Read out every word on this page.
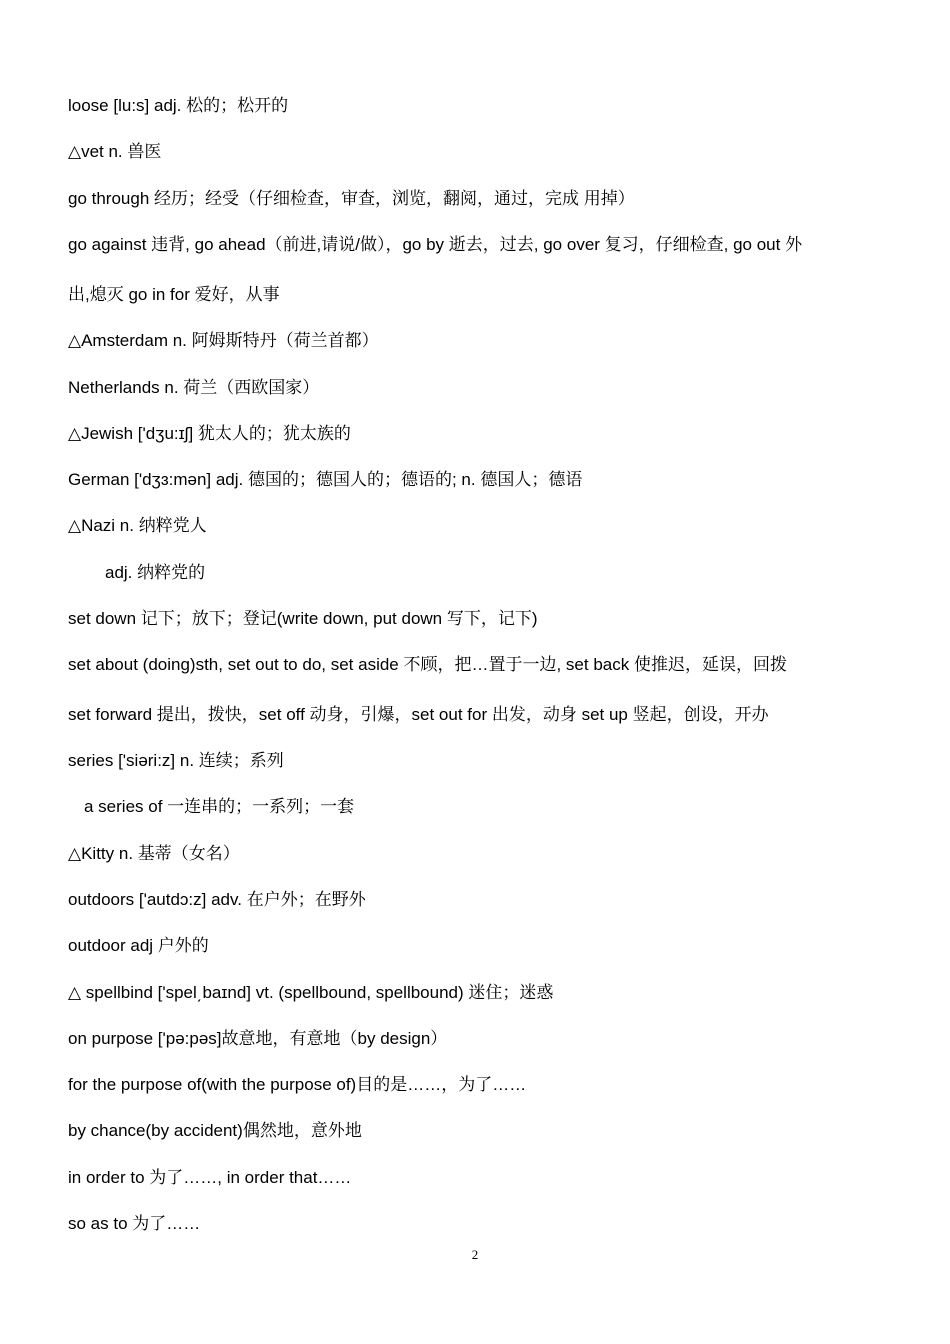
loose [lu:s] adj. 松的；松开的
△vet n. 兽医
go through 经历；经受（仔细检查，审查，浏览，翻阅，通过，完成 用掉）
go against 违背, go ahead（前进,请说/做），go by 逝去，过去, go over 复习，仔细检查, go out 外
出,熄灭 go in for 爱好，从事
△Amsterdam n. 阿姆斯特丹（荷兰首都）
Netherlands n. 荷兰（西欧国家）
△Jewish ['dʒu:ɪʃ] 犹太人的；犹太族的
German ['dʒɜ:mən] adj. 德国的；德国人的；德语的; n. 德国人；德语
△Nazi n. 纳粹党人
adj. 纳粹党的
set down 记下；放下；登记(write down, put down 写下，记下)
set about (doing)sth, set out to do, set aside 不顾，把…置于一边, set back 使推迟，延误，回拨
set forward 提出，拨快，set off 动身，引爆，set out for 出发，动身 set up 竖起，创设，开办
series ['siəri:z] n. 连续；系列
a series of 一连串的；一系列；一套
△Kitty n. 基蒂（女名）
outdoors ['autdɔ:z] adv. 在户外；在野外
outdoor adj 户外的
△ spellbind ['spel͵baɪnd] vt. (spellbound, spellbound) 迷住；迷惑
on purpose ['pə:pəs]故意地，有意地（by design）
for the purpose of(with the purpose of)目的是……，为了……
by chance(by accident)偶然地，意外地
in order to 为了……, in order that……
so as to 为了……
2
